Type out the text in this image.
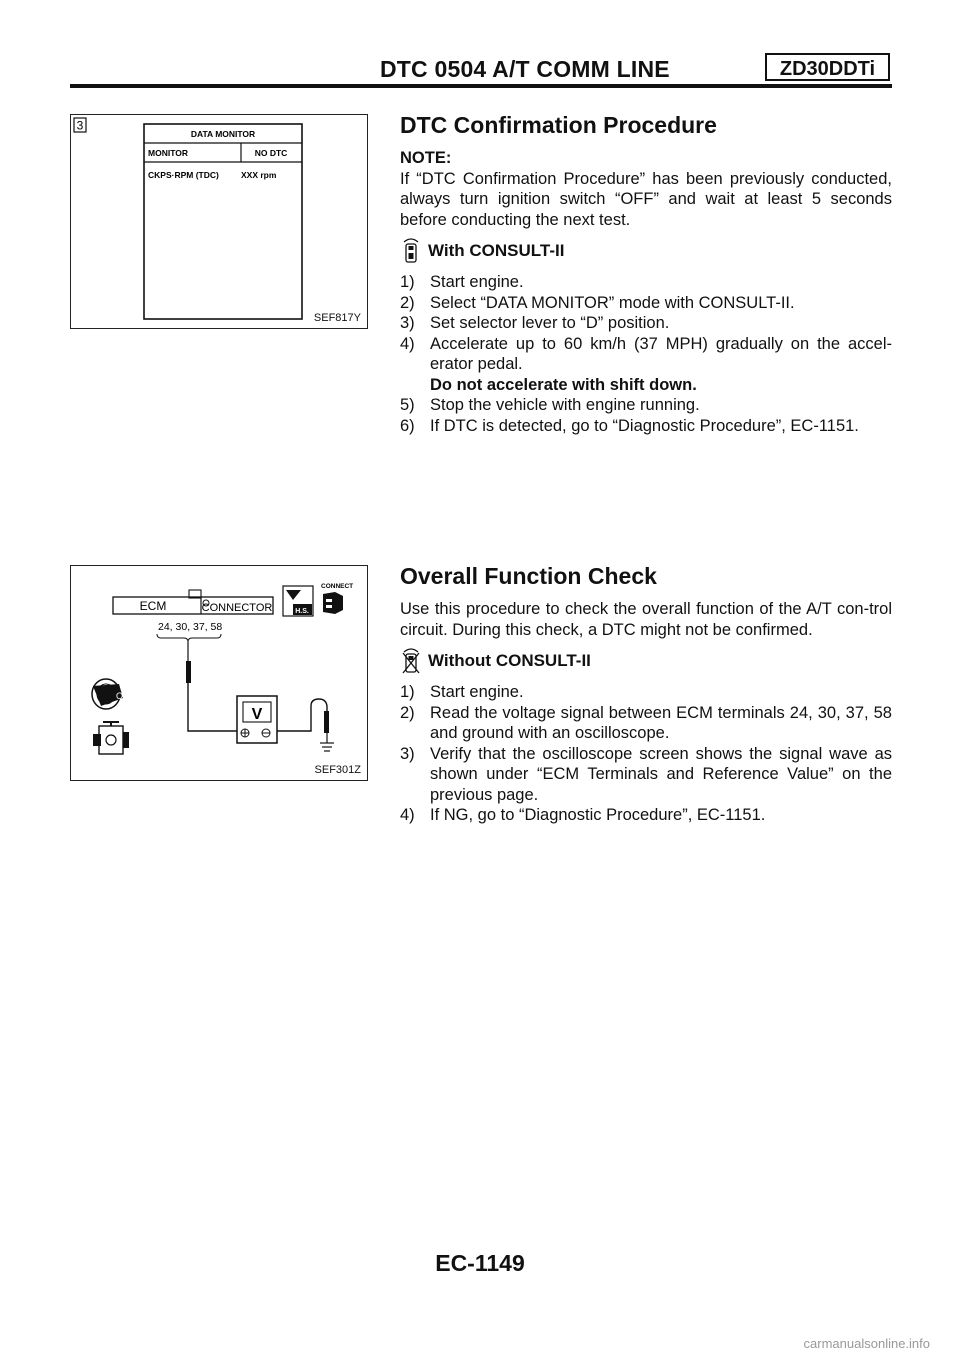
DTC 0504 A/T COMM LINE	ZD30DDTi
3
DATA MONITOR
MONITOR	NO DTC
CKPS·RPM (TDC)	XXX rpm
SEF817Y
DTC Confirmation Procedure

NOTE:

If “DTC Confirmation Procedure” has been previously conducted, always turn ignition switch “OFF” and wait at least 5 seconds before conducting the next test.

With CONSULT-II
1) Start engine.
2) Select “DATA MONITOR” mode with CONSULT-II.
3) Set selector lever to “D” position.
4) Accelerate up to 60 km/h (37 MPH) gradually on the accel-erator pedal.
Do not accelerate with shift down.
5) Stop the vehicle with engine running.
6) If DTC is detected, go to “Diagnostic Procedure”, EC-1151.
ECM	CONNECTOR	H.S.
CONNECT
24, 30, 37, 58
V
ON
SEF301Z
Overall Function Check

Use this procedure to check the overall function of the A/T con-trol circuit. During this check, a DTC might not be confirmed.

Without CONSULT-II
1) Start engine.
2) Read the voltage signal between ECM terminals 24, 30, 37, 58 and ground with an oscilloscope.
3) Verify that the oscilloscope screen shows the signal wave as shown under “ECM Terminals and Reference Value” on the previous page.
4) If NG, go to “Diagnostic Procedure”, EC-1151.
EC-1149
carmanualsonline.info
